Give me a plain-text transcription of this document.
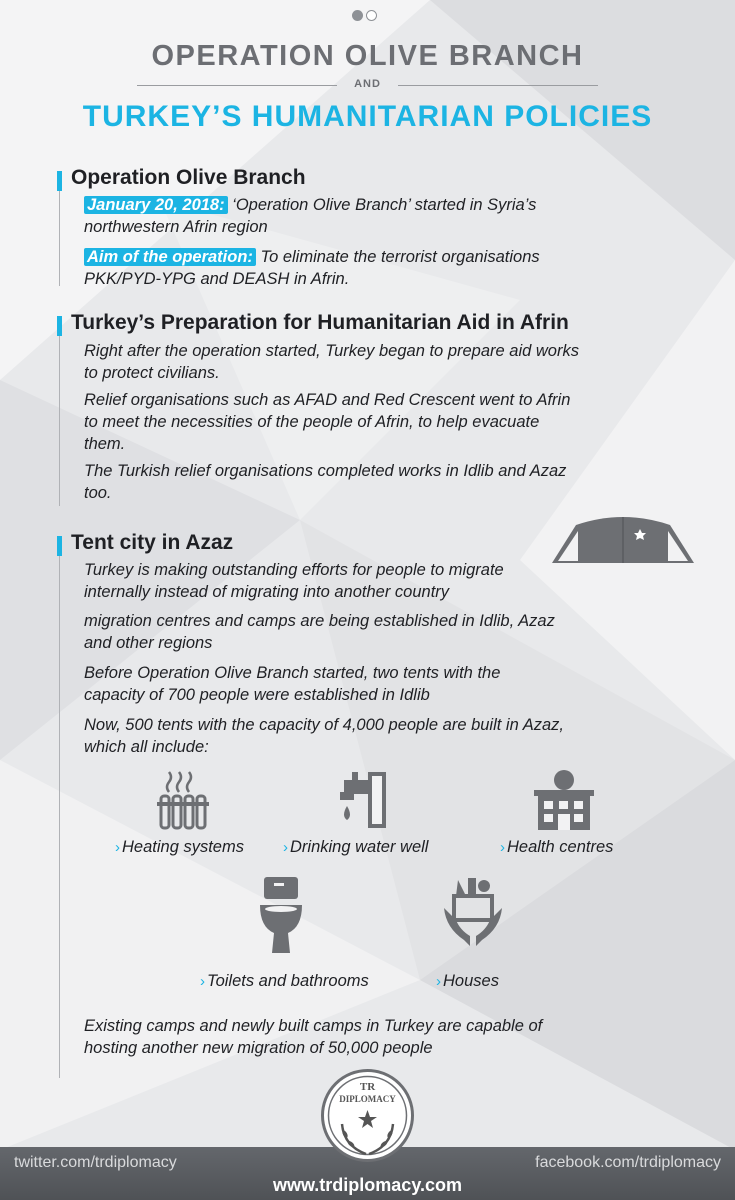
OPERATION OLIVE BRANCH
AND
TURKEY’S HUMANITARIAN POLICIES
Operation Olive Branch
January 20, 2018: ‘Operation Olive Branch’ started in Syria’s northwestern Afrin region
Aim of the operation: To eliminate the terrorist organisations PKK/PYD-YPG and DEASH in Afrin.
Turkey’s Preparation for Humanitarian Aid in Afrin
Right after the operation started, Turkey began to prepare aid works to protect civilians.
Relief organisations such as AFAD and Red Crescent went to Afrin to meet the necessities of the people of Afrin, to help evacuate them.
The Turkish relief organisations completed works in Idlib and Azaz too.
Tent city in Azaz
Turkey is making outstanding efforts for people to migrate internally instead of migrating into another country
migration centres and camps are being established in Idlib, Azaz and other regions
Before Operation Olive Branch started, two tents with the capacity of 700 people were established in Idlib
Now, 500 tents with the capacity of 4,000 people are built in Azaz, which all include:
› Heating systems	› Drinking water well	› Health centres
› Toilets and bathrooms	› Houses
Existing camps and newly built camps in Turkey are capable of hosting another new migration of 50,000 people
TR
DIPLOMACY
twitter.com/trdiplomacy	facebook.com/trdiplomacy
www.trdiplomacy.com
